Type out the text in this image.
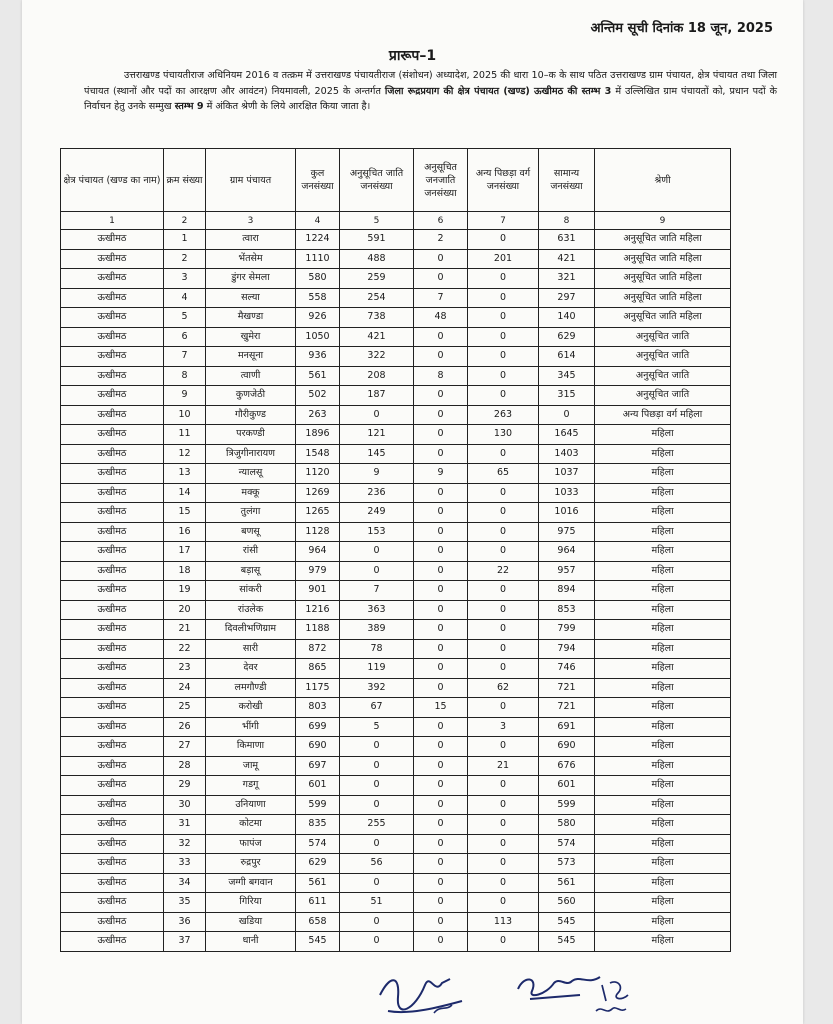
अन्तिम सूची दिनांक 18 जून, 2025
प्रारूप–1
उत्तराखण्ड पंचायतीराज अधिनियम 2016 व तत्क्रम में उत्तराखण्ड पंचायतीराज (संशोधन) अध्यादेश, 2025 की धारा 10–क के साथ पठित उत्तराखण्ड ग्राम पंचायत, क्षेत्र पंचायत तथा जिला पंचायत (स्थानों और पदों का आरक्षण और आवंटन) नियमावली, 2025 के अन्तर्गत जिला रूद्रप्रयाग की क्षेत्र पंचायत (खण्ड) ऊखीमठ की स्तम्भ 3 में उल्लिखित ग्राम पंचायतों को, प्रधान पदों के निर्वाचन हेतु उनके सम्मुख स्तम्भ 9 में अंकित श्रेणी के लिये आरक्षित किया जाता है।
क्षेत्र पंचायत (खण्ड का नाम)	क्रम संख्या	ग्राम पंचायत	कुल जनसंख्या	अनुसूचित जाति जनसंख्या	अनुसूचित जनजाति जनसंख्या	अन्य पिछड़ा वर्ग जनसंख्या	सामान्य जनसंख्या	श्रेणी
1	2	3	4	5	6	7	8	9
ऊखीमठ	1	त्वारा	1224	591	2	0	631	अनुसूचित जाति महिला
ऊखीमठ	2	भेंतसेम	1110	488	0	201	421	अनुसूचित जाति महिला
ऊखीमठ	3	डुंगर सेमला	580	259	0	0	321	अनुसूचित जाति महिला
ऊखीमठ	4	सल्या	558	254	7	0	297	अनुसूचित जाति महिला
ऊखीमठ	5	मैखण्डा	926	738	48	0	140	अनुसूचित जाति महिला
ऊखीमठ	6	खुमेरा	1050	421	0	0	629	अनुसूचित जाति
ऊखीमठ	7	मनसूना	936	322	0	0	614	अनुसूचित जाति
ऊखीमठ	8	त्वाणी	561	208	8	0	345	अनुसूचित जाति
ऊखीमठ	9	कुणजेठी	502	187	0	0	315	अनुसूचित जाति
ऊखीमठ	10	गौरीकुण्ड	263	0	0	263	0	अन्य पिछड़ा वर्ग महिला
ऊखीमठ	11	परकण्डी	1896	121	0	130	1645	महिला
ऊखीमठ	12	त्रिजुगीनारायण	1548	145	0	0	1403	महिला
ऊखीमठ	13	न्यालसू	1120	9	9	65	1037	महिला
ऊखीमठ	14	मक्कू	1269	236	0	0	1033	महिला
ऊखीमठ	15	तुलंगा	1265	249	0	0	1016	महिला
ऊखीमठ	16	बणसू	1128	153	0	0	975	महिला
ऊखीमठ	17	रांसी	964	0	0	0	964	महिला
ऊखीमठ	18	बड़ासू	979	0	0	22	957	महिला
ऊखीमठ	19	सांकरी	901	7	0	0	894	महिला
ऊखीमठ	20	रांउलेक	1216	363	0	0	853	महिला
ऊखीमठ	21	दिवलीभणिग्राम	1188	389	0	0	799	महिला
ऊखीमठ	22	सारी	872	78	0	0	794	महिला
ऊखीमठ	23	देवर	865	119	0	0	746	महिला
ऊखीमठ	24	लमगौण्डी	1175	392	0	62	721	महिला
ऊखीमठ	25	करोखी	803	67	15	0	721	महिला
ऊखीमठ	26	भींगी	699	5	0	3	691	महिला
ऊखीमठ	27	किमाणा	690	0	0	0	690	महिला
ऊखीमठ	28	जामू	697	0	0	21	676	महिला
ऊखीमठ	29	गडगू	601	0	0	0	601	महिला
ऊखीमठ	30	उनियाणा	599	0	0	0	599	महिला
ऊखीमठ	31	कोटमा	835	255	0	0	580	महिला
ऊखीमठ	32	फापंज	574	0	0	0	574	महिला
ऊखीमठ	33	रुद्रपुर	629	56	0	0	573	महिला
ऊखीमठ	34	जग्गी बगवान	561	0	0	0	561	महिला
ऊखीमठ	35	गिरिया	611	51	0	0	560	महिला
ऊखीमठ	36	खडिया	658	0	0	113	545	महिला
ऊखीमठ	37	धानी	545	0	0	0	545	महिला
